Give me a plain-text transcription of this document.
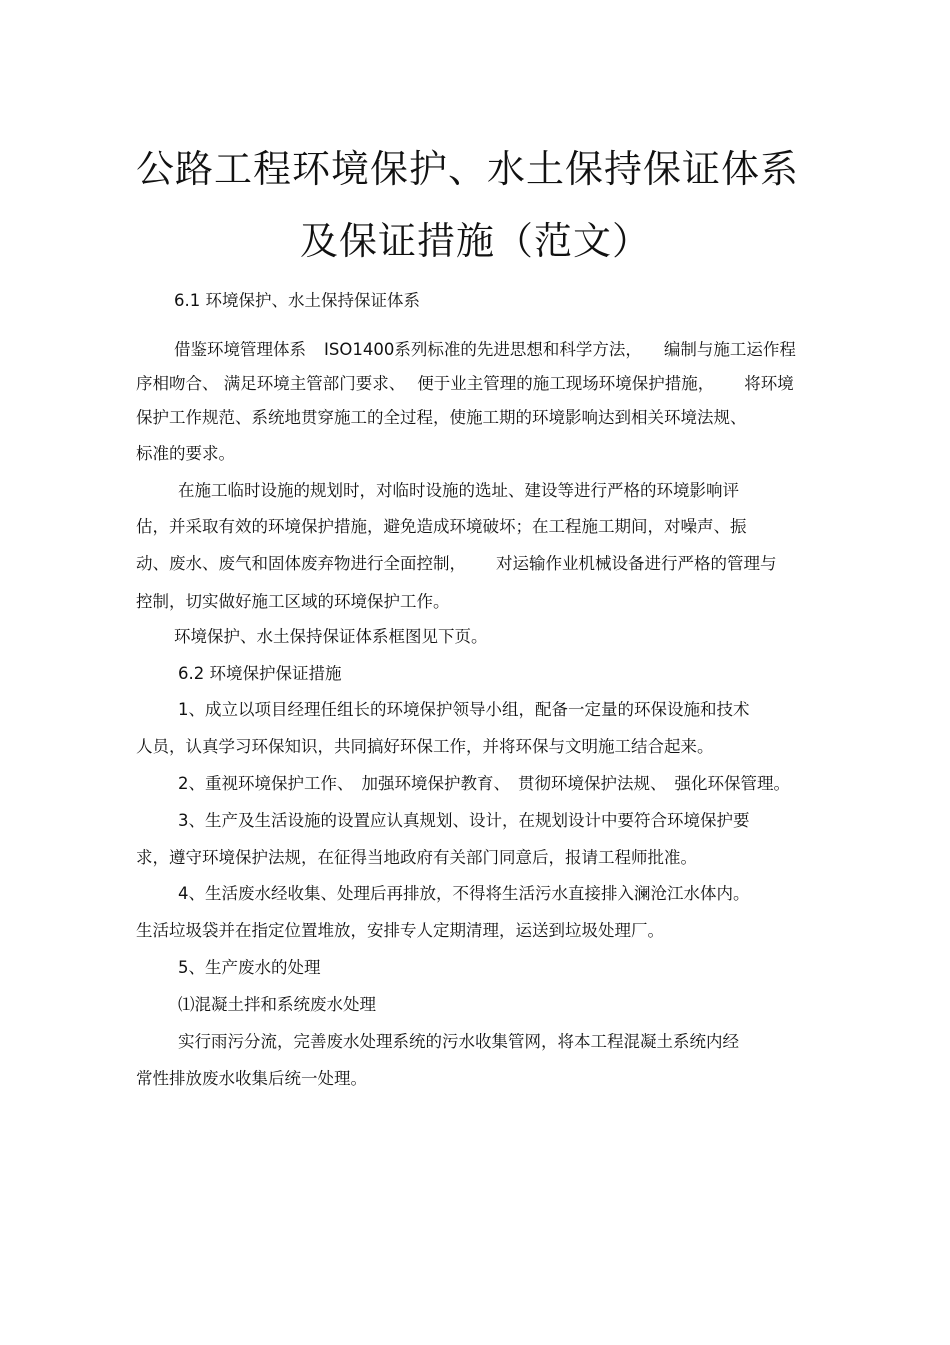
公路工程环境保护、水土保持保证体系
及保证措施（范文）
6.1 环境保护、水土保持保证体系
借鉴环境管理体系 ISO1400系列标准的先进思想和科学方法， 编制与施工运作程
序相吻合、 满足环境主管部门要求、 便于业主管理的施工现场环境保护措施， 将环境
保护工作规范、系统地贯穿施工的全过程，使施工期的环境影响达到相关环境法规、
标准的要求。
在施工临时设施的规划时，对临时设施的选址、建设等进行严格的环境影响评
估，并采取有效的环境保护措施，避免造成环境破坏；在工程施工期间，对噪声、振
动、废水、废气和固体废弃物进行全面控制， 对运输作业机械设备进行严格的管理与
控制，切实做好施工区域的环境保护工作。
环境保护、水土保持保证体系框图见下页。
6.2 环境保护保证措施
1、成立以项目经理任组长的环境保护领导小组，配备一定量的环保设施和技术
人员，认真学习环保知识，共同搞好环保工作，并将环保与文明施工结合起来。
2、重视环境保护工作、 加强环境保护教育、 贯彻环境保护法规、 强化环保管理。
3、生产及生活设施的设置应认真规划、设计，在规划设计中要符合环境保护要
求，遵守环境保护法规，在征得当地政府有关部门同意后，报请工程师批准。
4、生活废水经收集、处理后再排放，不得将生活污水直接排入澜沧江水体内。
生活垃圾袋并在指定位置堆放，安排专人定期清理，运送到垃圾处理厂。
5、生产废水的处理
⑴混凝土拌和系统废水处理
实行雨污分流，完善废水处理系统的污水收集管网，将本工程混凝土系统内经
常性排放废水收集后统一处理。
